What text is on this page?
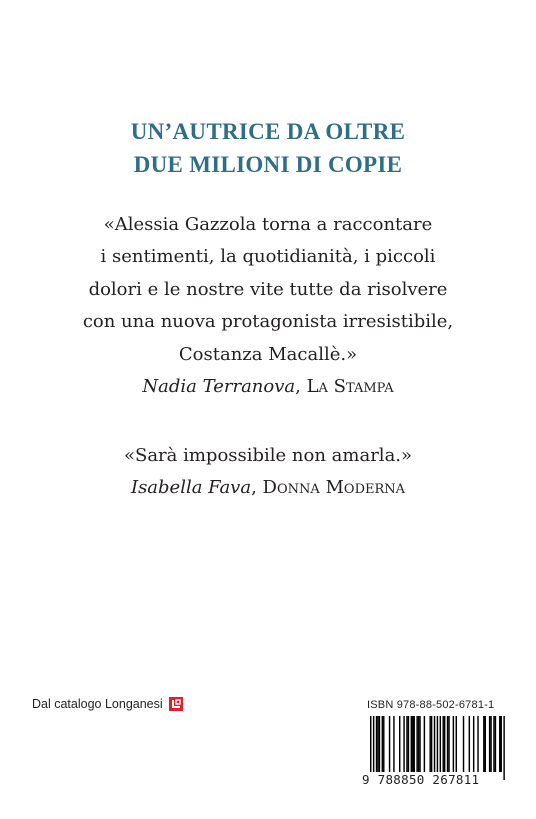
UN’AUTRICE DA OLTRE
DUE MILIONI DI COPIE
«Alessia Gazzola torna a raccontare
i sentimenti, la quotidianità, i piccoli
dolori e le nostre vite tutte da risolvere
con una nuova protagonista irresistibile,
Costanza Macallè.»
Nadia Terranova, La Stampa
«Sarà impossibile non amarla.»
Isabella Fava, Donna Moderna
Dal catalogo Longanesi	ISBN 978-88-502-6781-1
9 788850 267811
